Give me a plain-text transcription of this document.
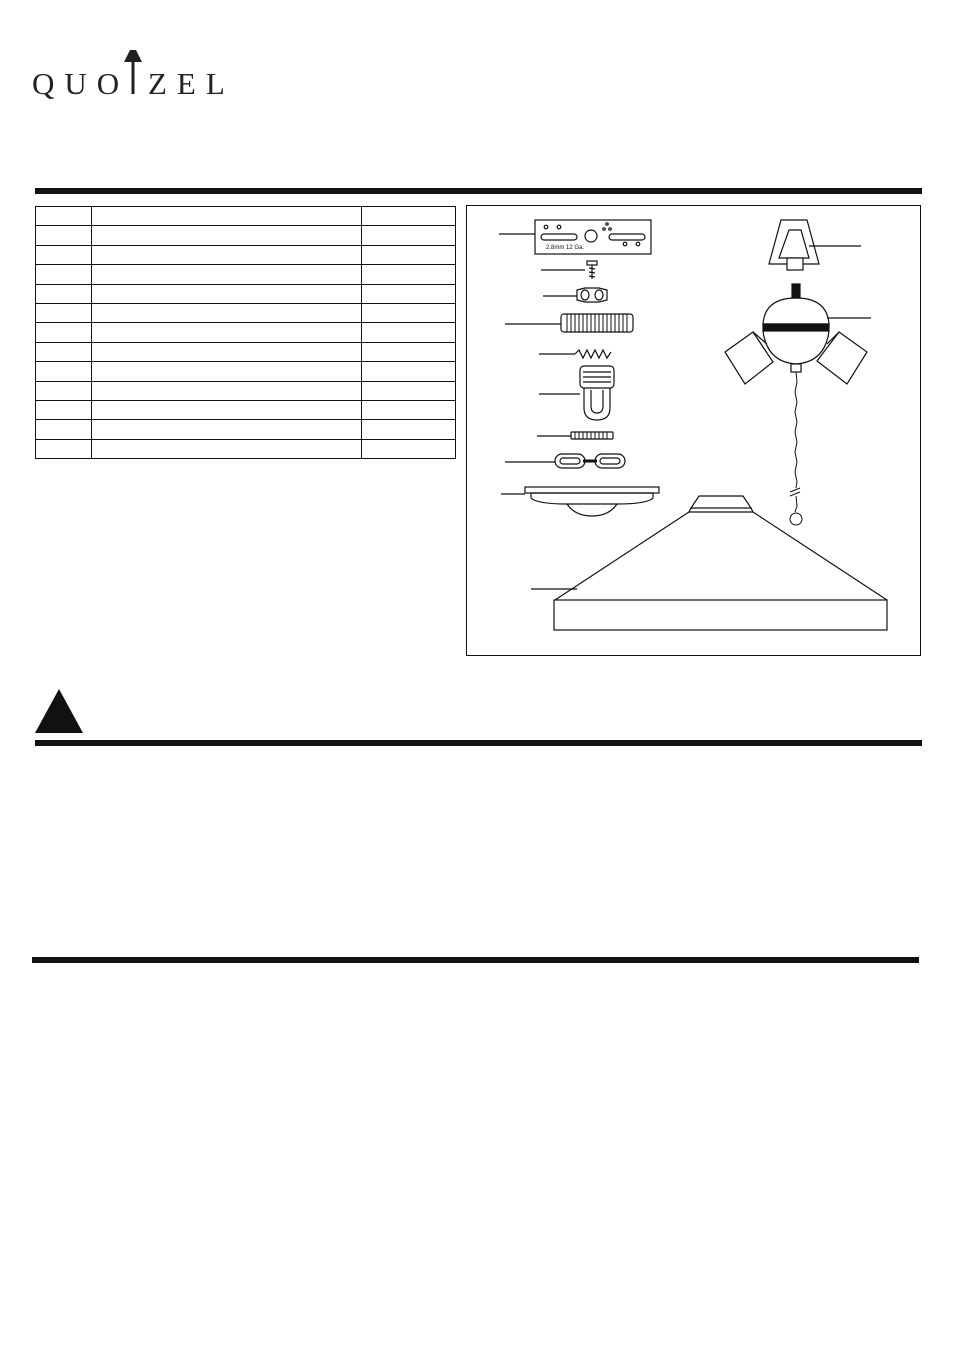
QUO ZEL

2.8mm 12 Ga.
